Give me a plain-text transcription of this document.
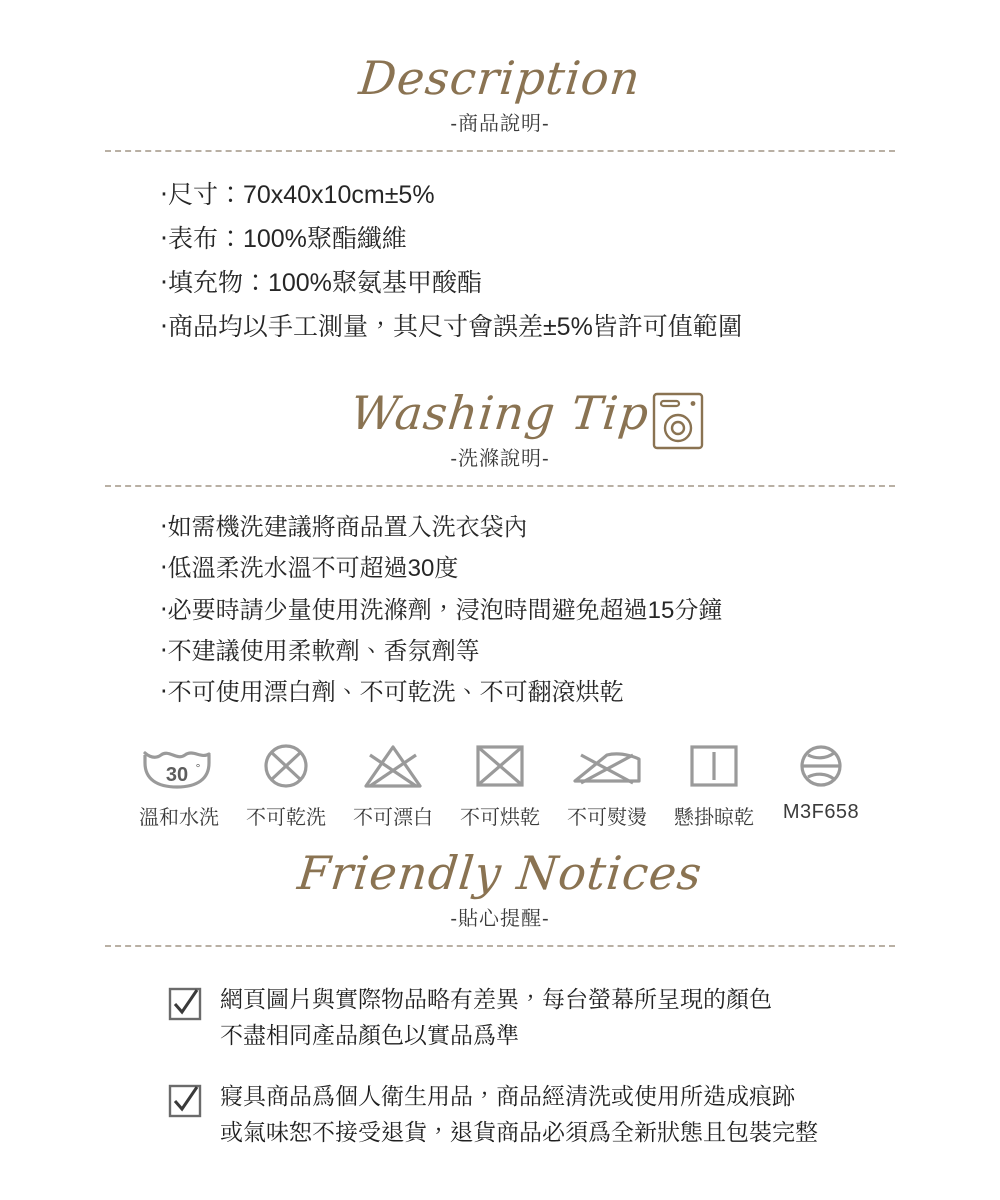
Description
-商品說明-
‧尺寸：70x40x10cm±5%
‧表布：100%聚酯纖維
‧填充物：100%聚氨基甲酸酯
‧商品均以手工測量，其尺寸會誤差±5%皆許可值範圍
Washing Tip
-洗滌說明-
‧如需機洗建議將商品置入洗衣袋內
‧低溫柔洗水溫不可超過30度
‧必要時請少量使用洗滌劑，浸泡時間避免超過15分鐘
‧不建議使用柔軟劑、香氛劑等
‧不可使用漂白劑、不可乾洗、不可翻滾烘乾
30 °
溫和水洗	不可乾洗	不可漂白	不可烘乾	不可熨燙	懸掛晾乾	M3F658
Friendly Notices
-貼心提醒-
網頁圖片與實際物品略有差異，每台螢幕所呈現的顏色
不盡相同產品顏色以實品爲準
寢具商品爲個人衛生用品，商品經清洗或使用所造成痕跡
或氣味恕不接受退貨，退貨商品必須爲全新狀態且包裝完整
